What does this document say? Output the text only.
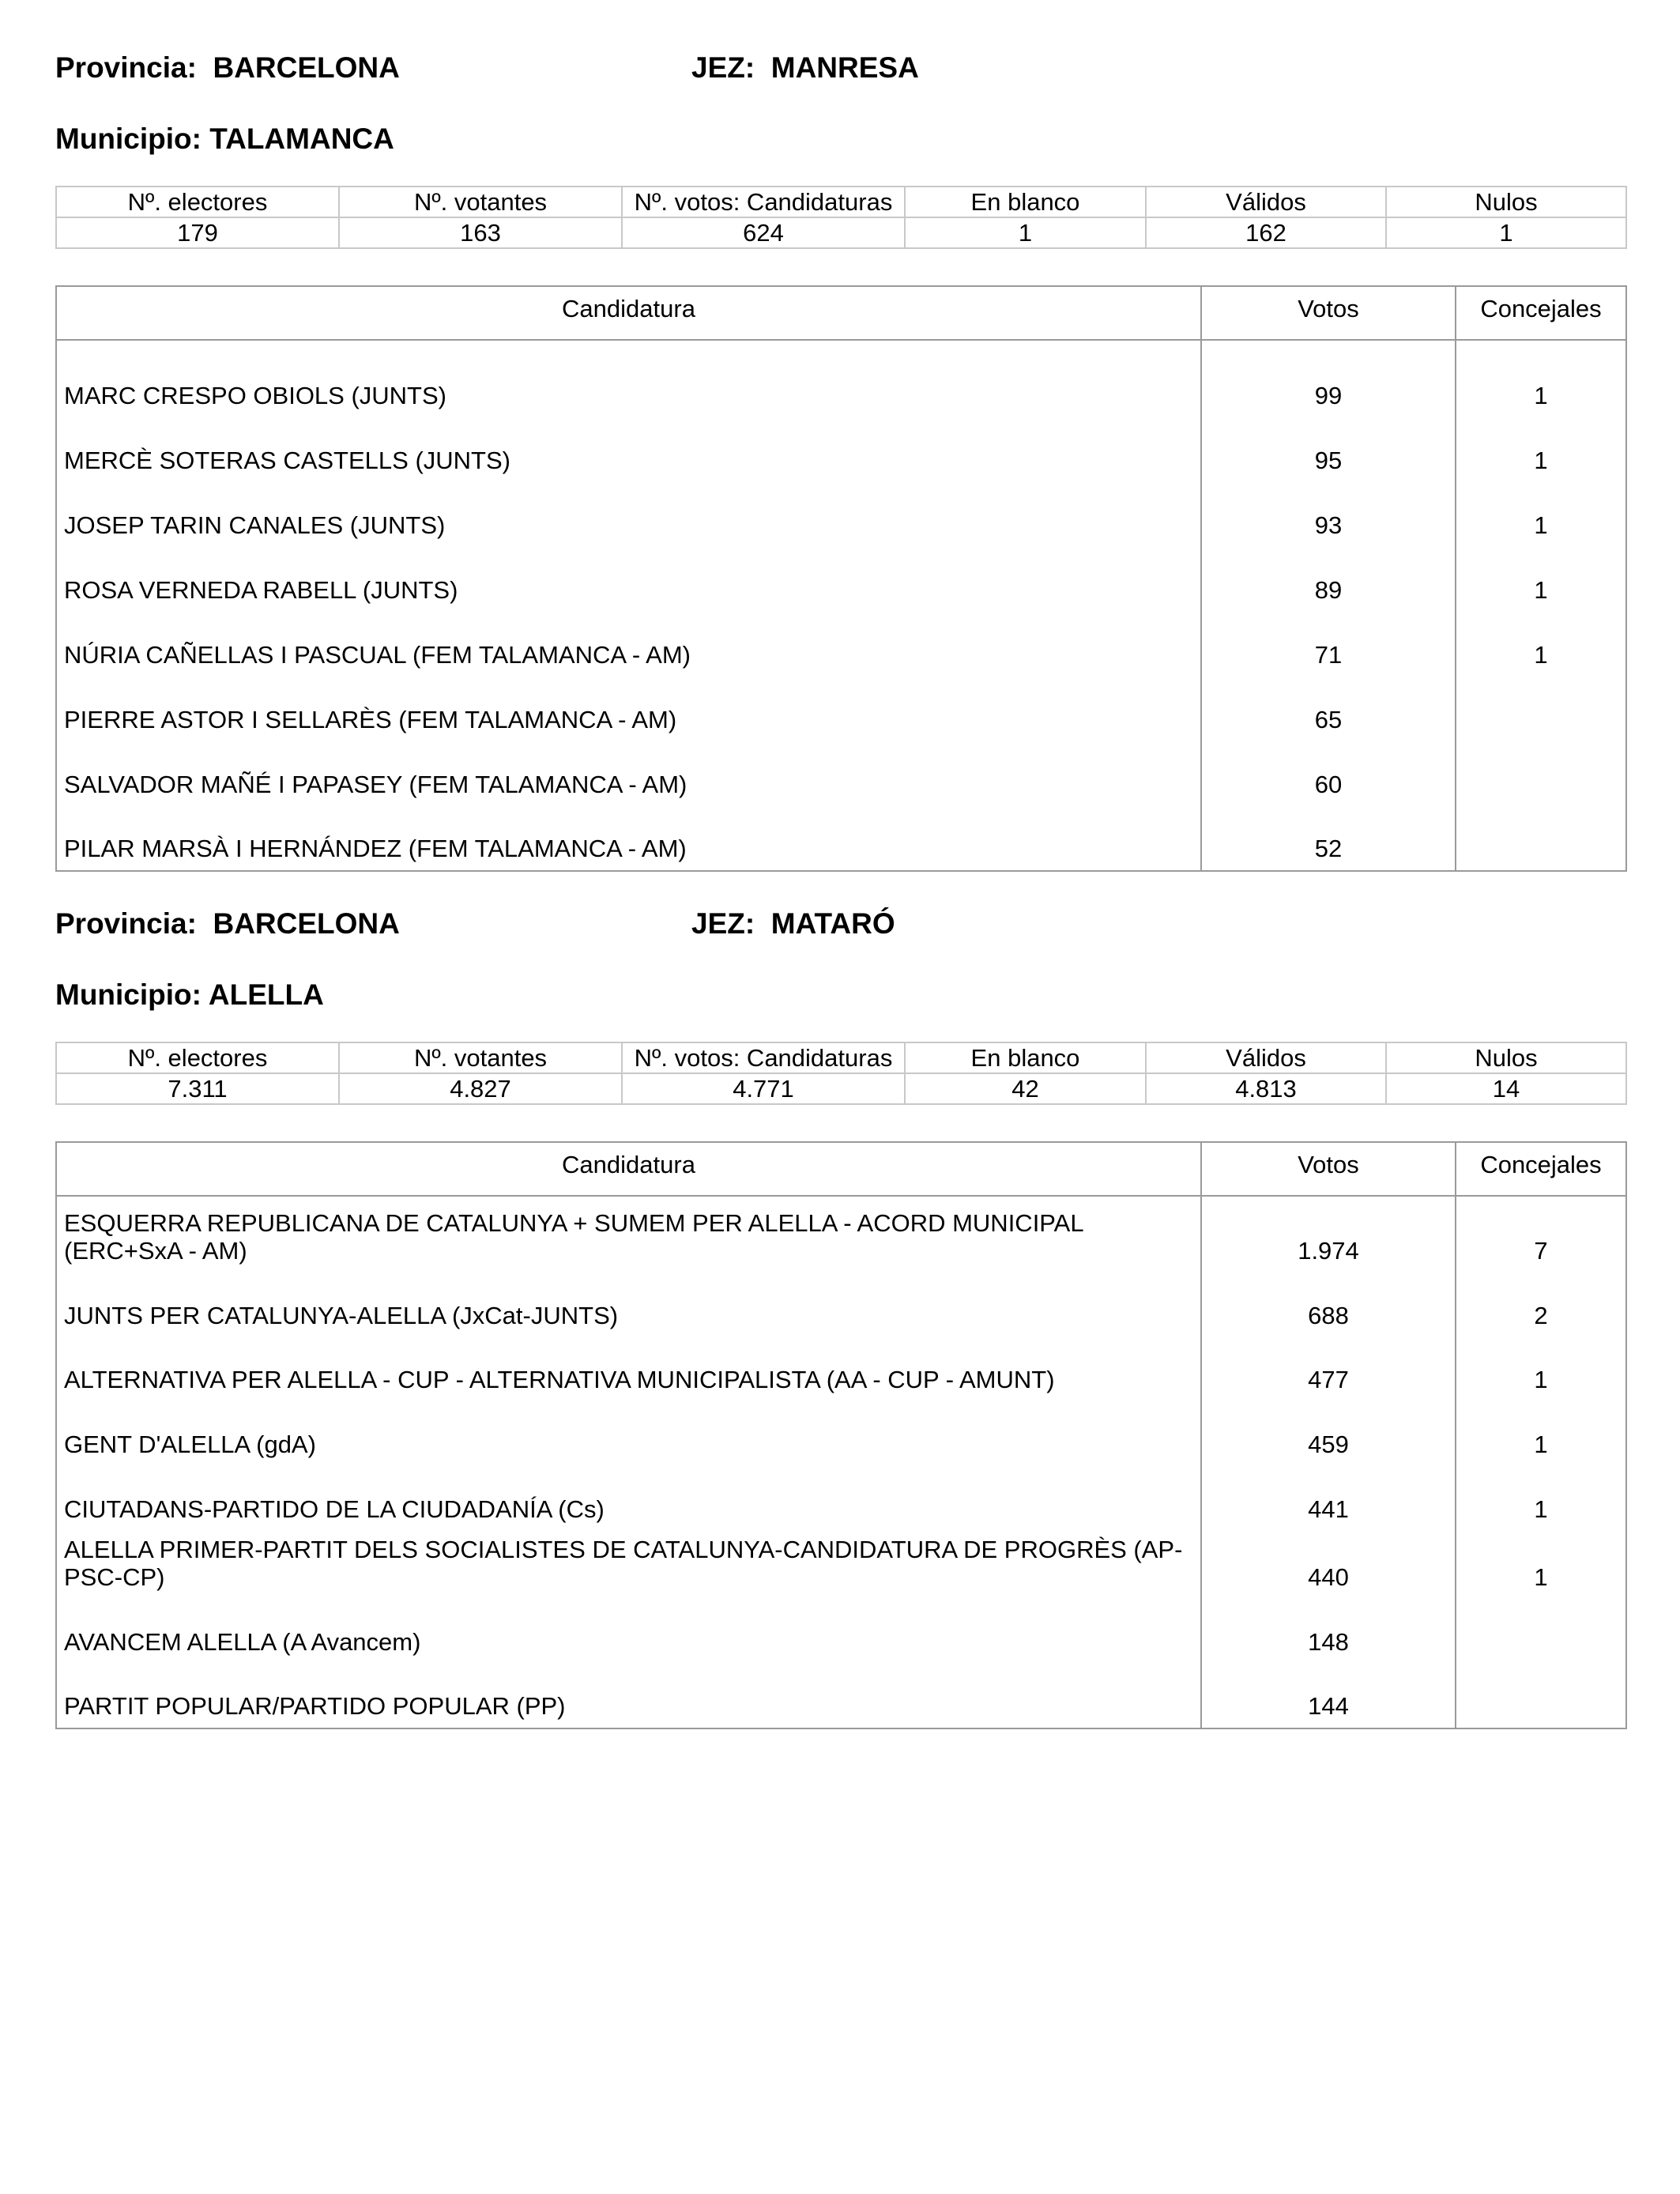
Provincia: BARCELONA	JEZ: MANRESA
Municipio: TALAMANCA
Nº. electores	Nº. votantes	Nº. votos: Candidaturas	En blanco	Válidos	Nulos
179	163	624	1	162	1
Candidatura	Votos	Concejales
MARC CRESPO OBIOLS (JUNTS)	99	1
MERCÈ SOTERAS CASTELLS (JUNTS)	95	1
JOSEP TARIN CANALES (JUNTS)	93	1
ROSA VERNEDA RABELL (JUNTS)	89	1
NÚRIA CAÑELLAS I PASCUAL (FEM TALAMANCA - AM)	71	1
PIERRE ASTOR I SELLARÈS (FEM TALAMANCA - AM)	65	
SALVADOR MAÑÉ I PAPASEY (FEM TALAMANCA - AM)	60	
PILAR MARSÀ I HERNÁNDEZ (FEM TALAMANCA - AM)	52	
Provincia: BARCELONA	JEZ: MATARÓ
Municipio: ALELLA
Nº. electores	Nº. votantes	Nº. votos: Candidaturas	En blanco	Válidos	Nulos
7.311	4.827	4.771	42	4.813	14
Candidatura	Votos	Concejales
ESQUERRA REPUBLICANA DE CATALUNYA + SUMEM PER ALELLA - ACORD MUNICIPAL (ERC+SxA - AM)	1.974	7
JUNTS PER CATALUNYA-ALELLA (JxCat-JUNTS)	688	2
ALTERNATIVA PER ALELLA - CUP - ALTERNATIVA MUNICIPALISTA (AA - CUP - AMUNT)	477	1
GENT D'ALELLA (gdA)	459	1
CIUTADANS-PARTIDO DE LA CIUDADANÍA (Cs)	441	1
ALELLA PRIMER-PARTIT DELS SOCIALISTES DE CATALUNYA-CANDIDATURA DE PROGRÈS (AP-PSC-CP)	440	1
AVANCEM ALELLA (A Avancem)	148	
PARTIT POPULAR/PARTIDO POPULAR (PP)	144	
